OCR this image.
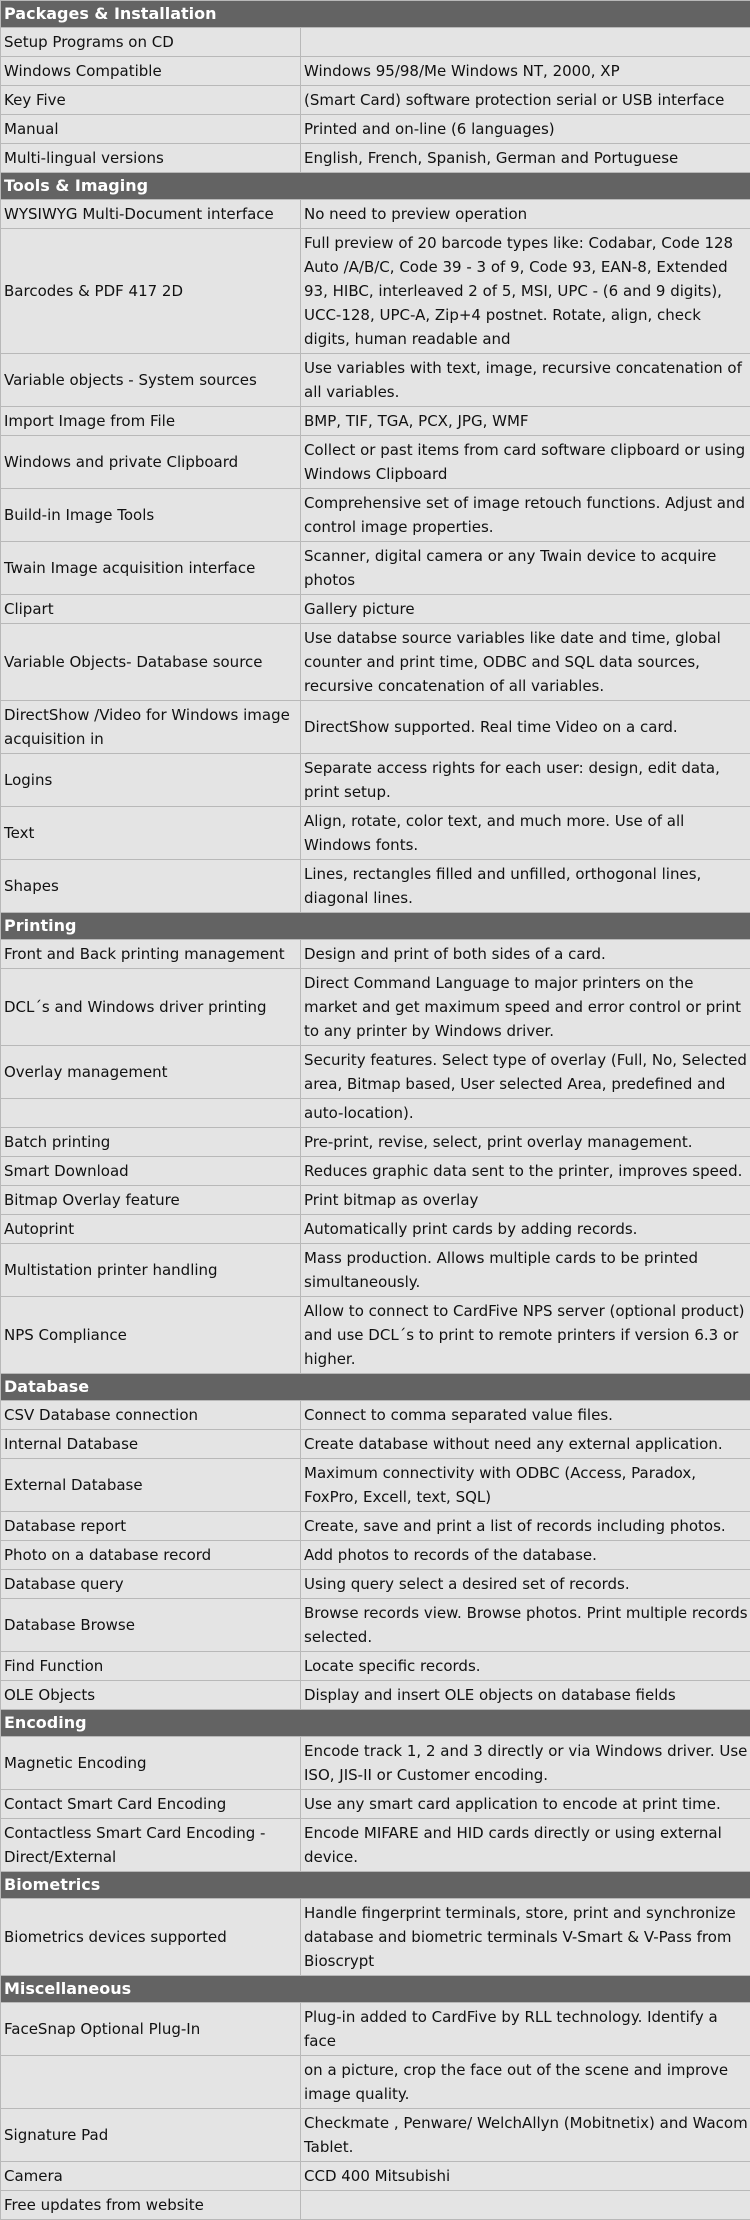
Packages & Installation	
Setup Programs on CD	
Windows Compatible	Windows 95/98/Me Windows NT, 2000, XP
Key Five	(Smart Card) software protection serial or USB interface
Manual	Printed and on-line (6 languages)
Multi-lingual versions	English, French, Spanish, German and Portuguese
Tools & Imaging	
WYSIWYG Multi-Document interface	No need to preview operation
Barcodes & PDF 417 2D	Full preview of 20 barcode types like: Codabar, Code 128 Auto /A/B/C, Code 39 - 3 of 9, Code 93, EAN-8, Extended 93, HIBC, interleaved 2 of 5, MSI, UPC - (6 and 9 digits), UCC-128, UPC-A, Zip+4 postnet. Rotate, align, check digits, human readable and
Variable objects - System sources	Use variables with text, image, recursive concatenation of all variables.
Import Image from File	BMP, TIF, TGA, PCX, JPG, WMF
Windows and private Clipboard	Collect or past items from card software clipboard or using Windows Clipboard
Build-in Image Tools	Comprehensive set of image retouch functions. Adjust and control image properties.
Twain Image acquisition interface	Scanner, digital camera or any Twain device to acquire photos
Clipart	Gallery picture
Variable Objects- Database source	Use databse source variables like date and time, global counter and print time, ODBC and SQL data sources, recursive concatenation of all variables.
DirectShow /Video for Windows image acquisition in	DirectShow supported. Real time Video on a card.
Logins	Separate access rights for each user: design, edit data, print setup.
Text	Align, rotate, color text, and much more. Use of all Windows fonts.
Shapes	Lines, rectangles filled and unfilled, orthogonal lines, diagonal lines.
Printing	
Front and Back printing management	Design and print of both sides of a card.
DCL´s and Windows driver printing	Direct Command Language to major printers on the market and get maximum speed and error control or print to any printer by Windows driver.
Overlay management	Security features. Select type of overlay (Full, No, Selected area, Bitmap based, User selected Area, predefined and
	auto-location).
Batch printing	Pre-print, revise, select, print overlay management.
Smart Download	Reduces graphic data sent to the printer, improves speed.
Bitmap Overlay feature	Print bitmap as overlay
Autoprint	Automatically print cards by adding records.
Multistation printer handling	Mass production. Allows multiple cards to be printed simultaneously.
NPS Compliance	Allow to connect to CardFive NPS server (optional product) and use DCL´s to print to remote printers if version 6.3 or higher.
Database	
CSV Database connection	Connect to comma separated value files.
Internal Database	Create database without need any external application.
External Database	Maximum connectivity with ODBC (Access, Paradox, FoxPro, Excell, text, SQL)
Database report	Create, save and print a list of records including photos.
Photo on a database record	Add photos to records of the database.
Database query	Using query select a desired set of records.
Database Browse	Browse records view. Browse photos. Print multiple records selected.
Find Function	Locate specific records.
OLE Objects	Display and insert OLE objects on database fields
Encoding	
Magnetic Encoding	Encode track 1, 2 and 3 directly or via Windows driver. Use ISO, JIS-II or Customer encoding.
Contact Smart Card Encoding	Use any smart card application to encode at print time.
Contactless Smart Card Encoding - Direct/External	Encode MIFARE and HID cards directly or using external device.
Biometrics	
Biometrics devices supported	Handle fingerprint terminals, store, print and synchronize database and biometric terminals V-Smart & V-Pass from Bioscrypt
Miscellaneous	
FaceSnap Optional Plug-In	Plug-in added to CardFive by RLL technology. Identify a face
	on a picture, crop the face out of the scene and improve image quality.
Signature Pad	Checkmate , Penware/ WelchAllyn (Mobitnetix) and Wacom Tablet.
Camera	CCD 400 Mitsubishi
Free updates from website	
